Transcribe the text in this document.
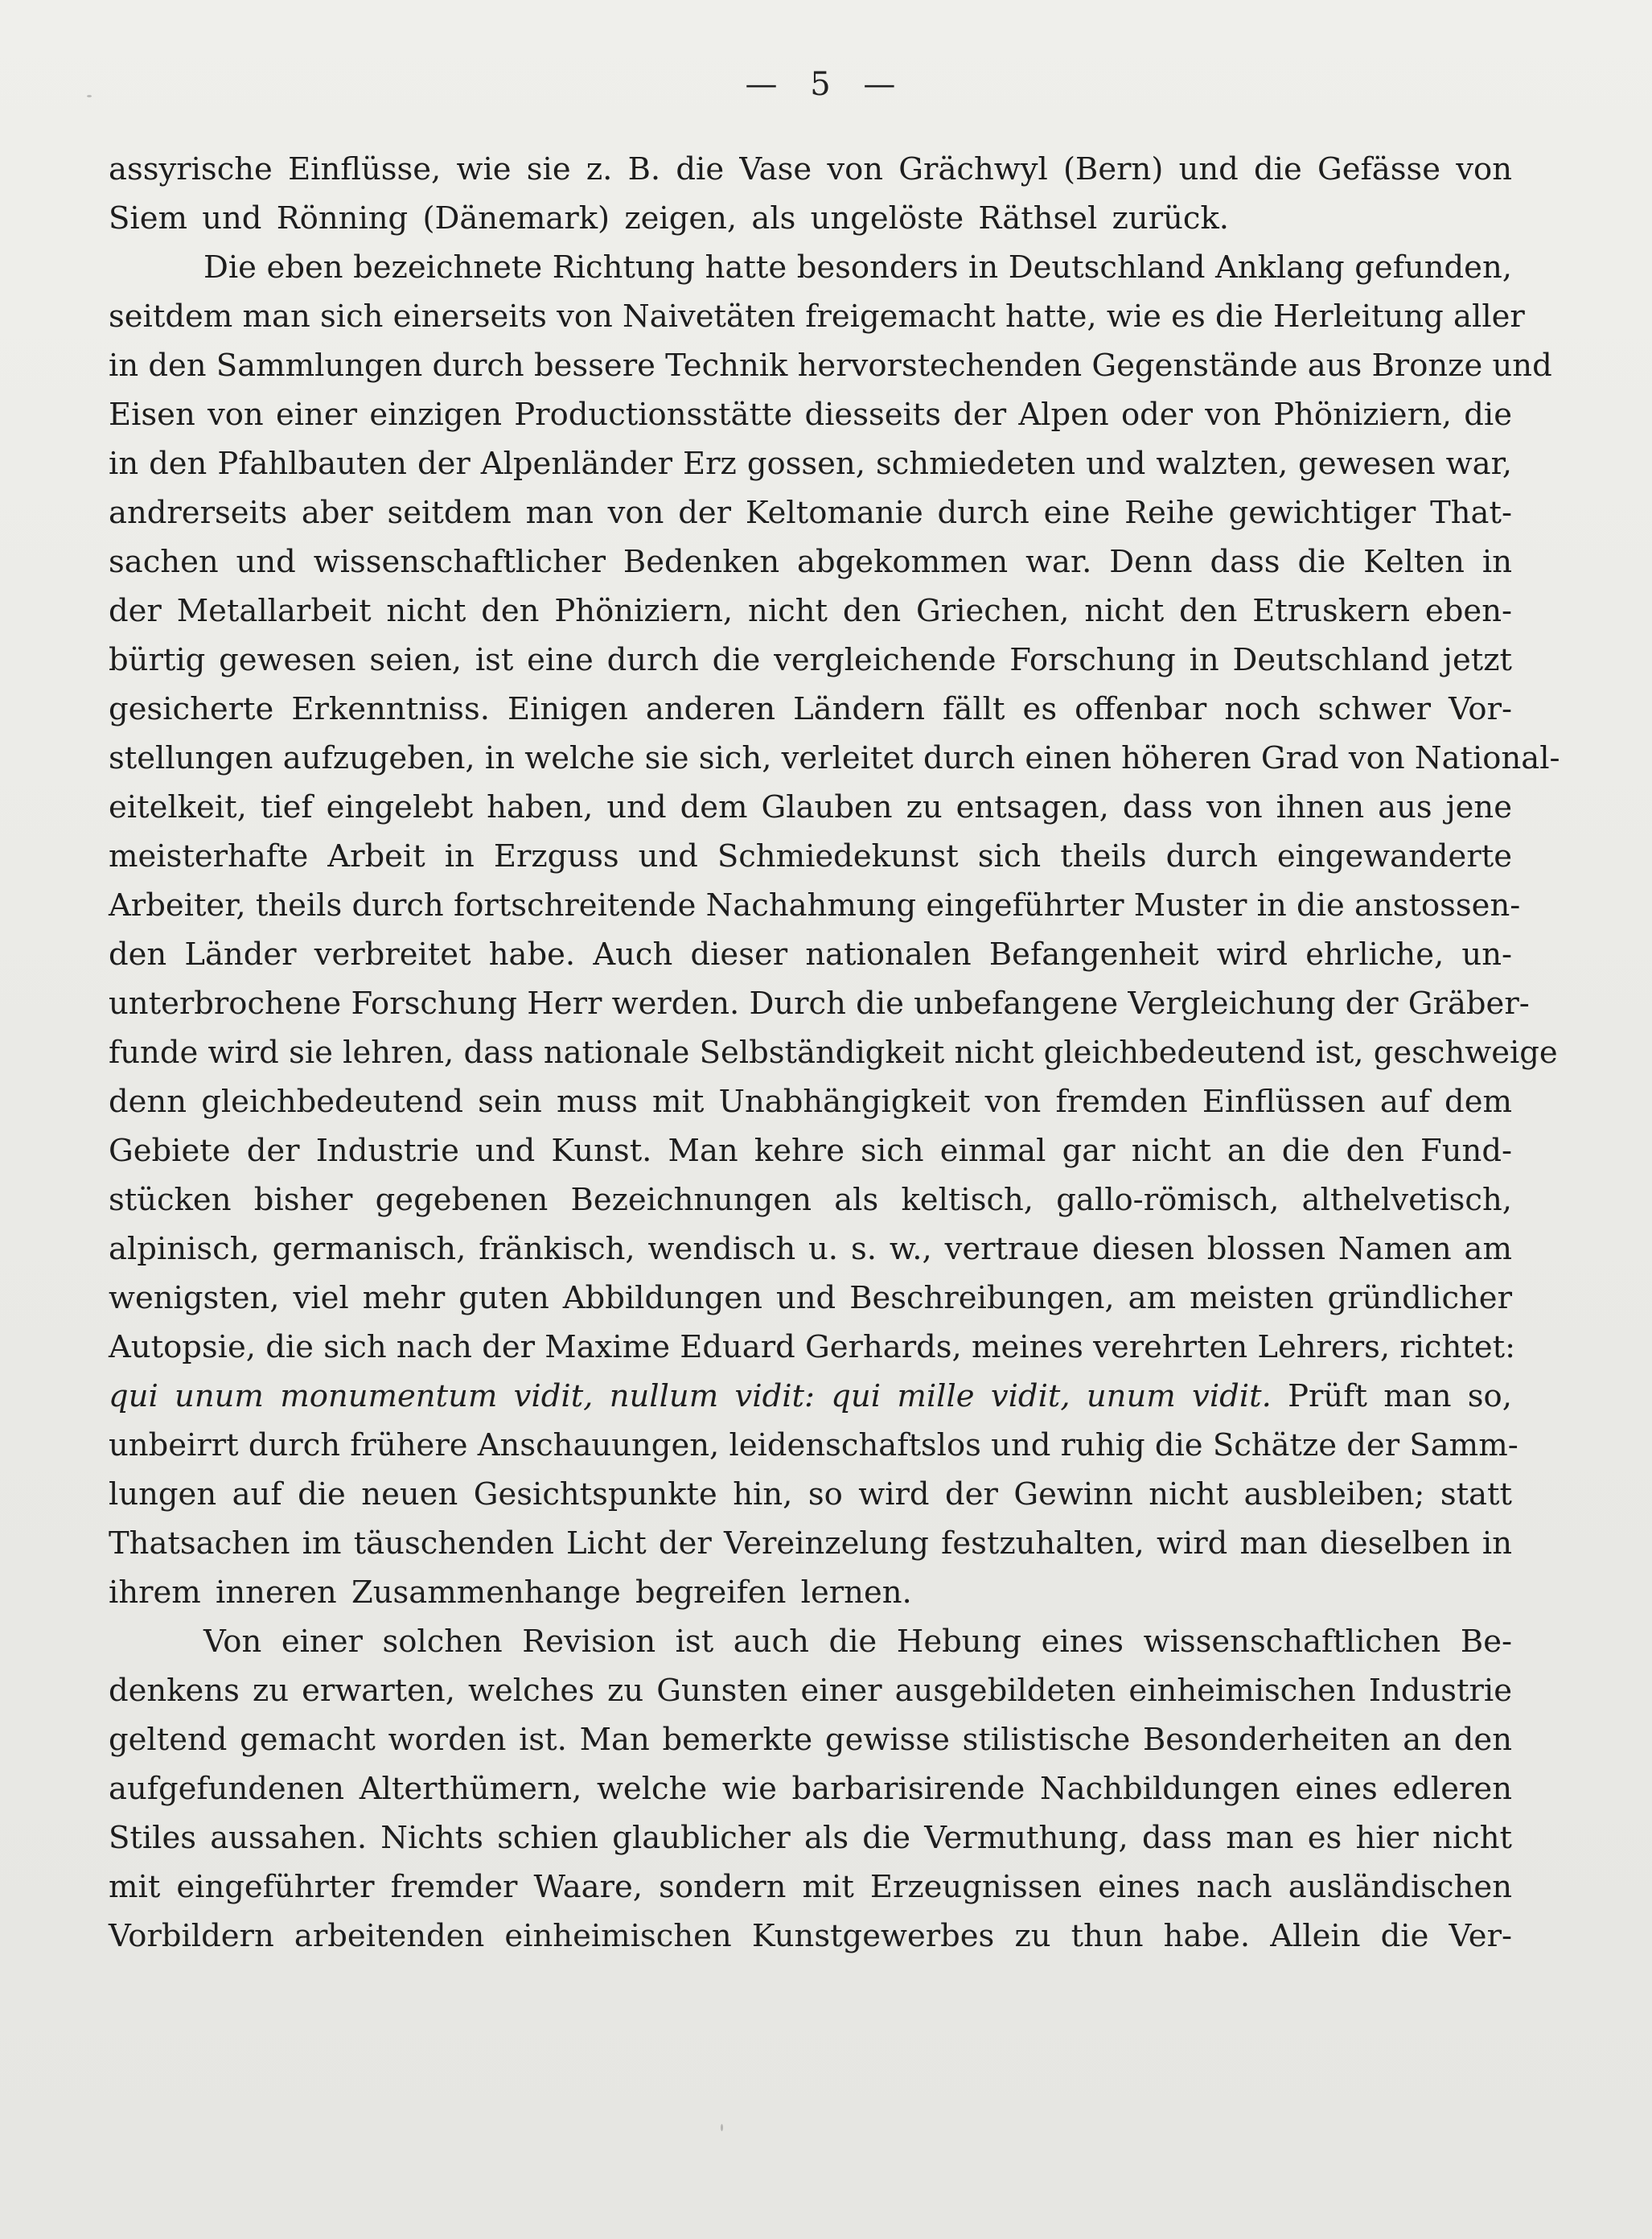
— 5 —
assyrische Einflüsse, wie sie z. B. die Vase von Grächwyl (Bern) und die Gefässe von
Siem und Rönning (Dänemark) zeigen, als ungelöste Räthsel zurück.
Die eben bezeichnete Richtung hatte besonders in Deutschland Anklang gefunden,
seitdem man sich einerseits von Naivetäten freigemacht hatte, wie es die Herleitung aller
in den Sammlungen durch bessere Technik hervorstechenden Gegenstände aus Bronze und
Eisen von einer einzigen Productionsstätte diesseits der Alpen oder von Phöniziern, die
in den Pfahlbauten der Alpenländer Erz gossen, schmiedeten und walzten, gewesen war,
andrerseits aber seitdem man von der Keltomanie durch eine Reihe gewichtiger That-
sachen und wissenschaftlicher Bedenken abgekommen war. Denn dass die Kelten in
der Metallarbeit nicht den Phöniziern, nicht den Griechen, nicht den Etruskern eben-
bürtig gewesen seien, ist eine durch die vergleichende Forschung in Deutschland jetzt
gesicherte Erkenntniss. Einigen anderen Ländern fällt es offenbar noch schwer Vor-
stellungen aufzugeben, in welche sie sich, verleitet durch einen höheren Grad von National-
eitelkeit, tief eingelebt haben, und dem Glauben zu entsagen, dass von ihnen aus jene
meisterhafte Arbeit in Erzguss und Schmiedekunst sich theils durch eingewanderte
Arbeiter, theils durch fortschreitende Nachahmung eingeführter Muster in die anstossen-
den Länder verbreitet habe. Auch dieser nationalen Befangenheit wird ehrliche, un-
unterbrochene Forschung Herr werden. Durch die unbefangene Vergleichung der Gräber-
funde wird sie lehren, dass nationale Selbständigkeit nicht gleichbedeutend ist, geschweige
denn gleichbedeutend sein muss mit Unabhängigkeit von fremden Einflüssen auf dem
Gebiete der Industrie und Kunst. Man kehre sich einmal gar nicht an die den Fund-
stücken bisher gegebenen Bezeichnungen als keltisch, gallo-römisch, althelvetisch,
alpinisch, germanisch, fränkisch, wendisch u. s. w., vertraue diesen blossen Namen am
wenigsten, viel mehr guten Abbildungen und Beschreibungen, am meisten gründlicher
Autopsie, die sich nach der Maxime Eduard Gerhards, meines verehrten Lehrers, richtet:
qui unum monumentum vidit, nullum vidit: qui mille vidit, unum vidit. Prüft man so,
unbeirrt durch frühere Anschauungen, leidenschaftslos und ruhig die Schätze der Samm-
lungen auf die neuen Gesichtspunkte hin, so wird der Gewinn nicht ausbleiben; statt
Thatsachen im täuschenden Licht der Vereinzelung festzuhalten, wird man dieselben in
ihrem inneren Zusammenhange begreifen lernen.
Von einer solchen Revision ist auch die Hebung eines wissenschaftlichen Be-
denkens zu erwarten, welches zu Gunsten einer ausgebildeten einheimischen Industrie
geltend gemacht worden ist. Man bemerkte gewisse stilistische Besonderheiten an den
aufgefundenen Alterthümern, welche wie barbarisirende Nachbildungen eines edleren
Stiles aussahen. Nichts schien glaublicher als die Vermuthung, dass man es hier nicht
mit eingeführter fremder Waare, sondern mit Erzeugnissen eines nach ausländischen
Vorbildern arbeitenden einheimischen Kunstgewerbes zu thun habe. Allein die Ver-
